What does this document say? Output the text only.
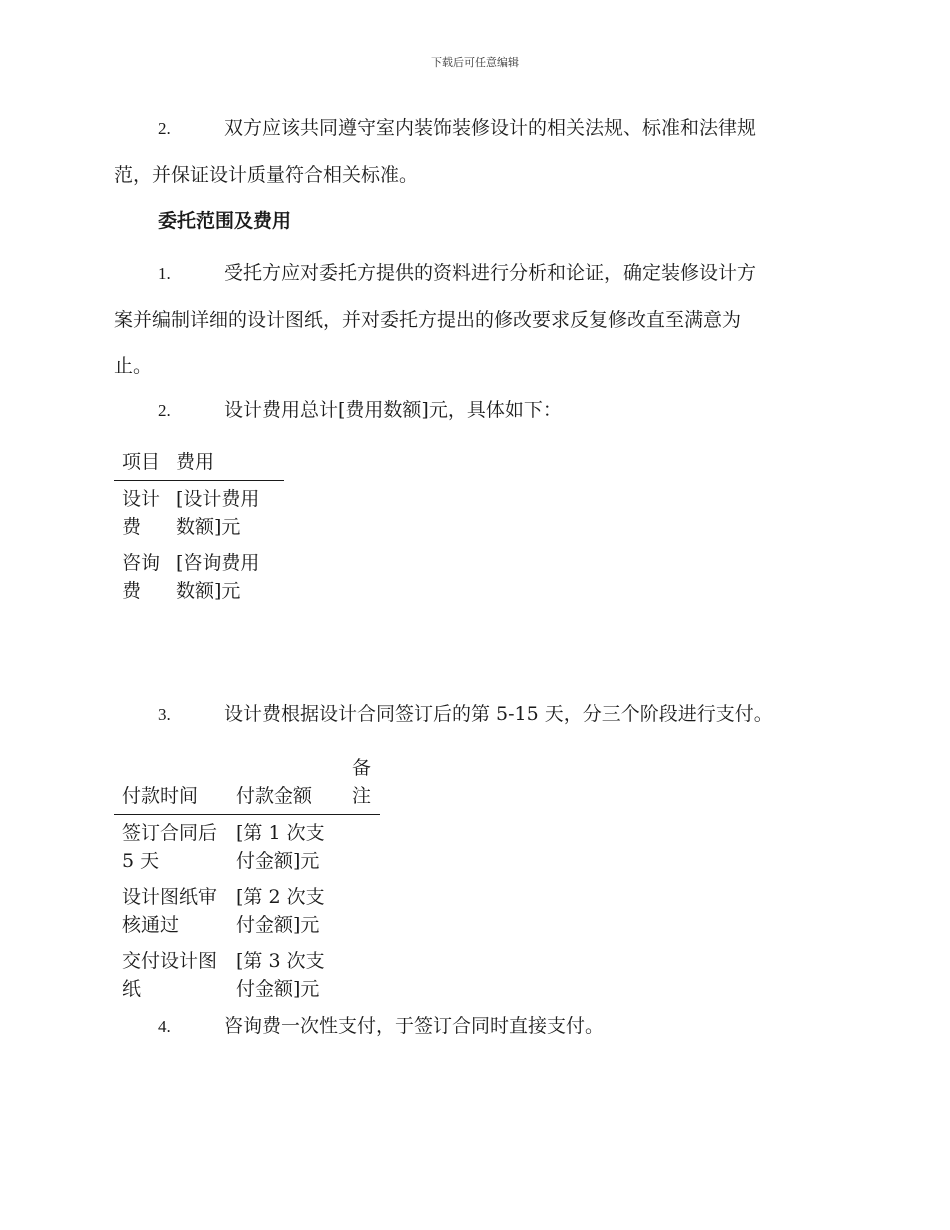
下载后可任意编辑

2.	双方应该共同遵守室内装饰装修设计的相关法规、标准和法律规
范，并保证设计质量符合相关标准。

委托范围及费用

1.	受托方应对委托方提供的资料进行分析和论证，确定装修设计方
案并编制详细的设计图纸，并对委托方提出的修改要求反复修改直至满意为
止。

2.	设计费用总计[费用数额]元，具体如下：

项目	费用
设计费	[设计费用数额]元
咨询费	[咨询费用数额]元

3.	设计费根据设计合同签订后的第 5-15 天，分三个阶段进行支付。

付款时间	付款金额	备注
签订合同后 5 天	[第 1 次支付金额]元	
设计图纸审核通过	[第 2 次支付金额]元	
交付设计图纸	[第 3 次支付金额]元	

4.	咨询费一次性支付，于签订合同时直接支付。
